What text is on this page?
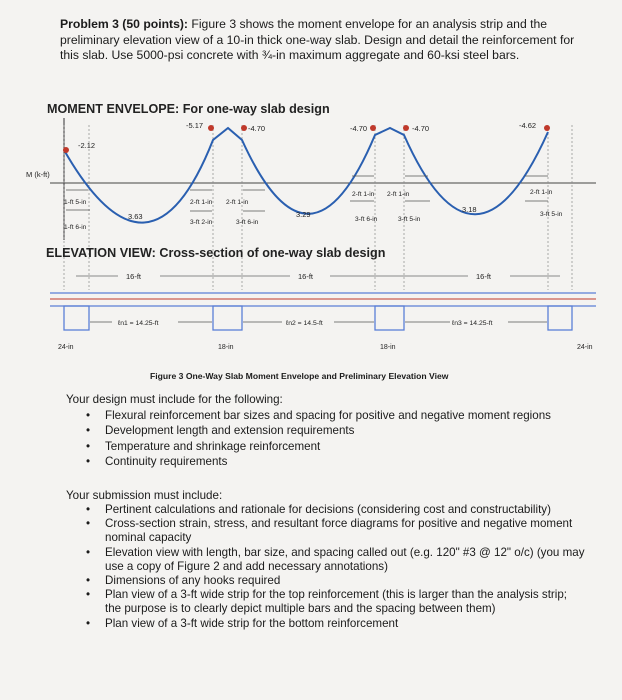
Problem 3 (50 points): Figure 3 shows the moment envelope for an analysis strip and the preliminary elevation view of a 10-in thick one-way slab. Design and detail the reinforcement for this slab. Use 5000-psi concrete with ¾-in maximum aggregate and 60-ksi steel bars.
MOMENT ENVELOPE: For one-way slab design
M (k-ft)
-2.12
-5.17	-4.70	-4.70	-4.70	-4.62
3.63	3.29
3.18
1-ft 5-in
1-ft 6-in
2-ft 1-in 2-ft 1-in
3-ft 2-in	3-ft 6-in
2-ft 1-in 2-ft 1-in
3-ft 6-in	3-ft 5-in
2-ft 1-in
3-ft 5-in
ELEVATION VIEW: Cross-section of one-way slab design
16-ft	16-ft	16-ft
ℓn1 = 14.25-ft	ℓn2 = 14.5-ft	ℓn3 = 14.25-ft
24-in	18-in	18-in	24-in
Figure 3 One-Way Slab Moment Envelope and Preliminary Elevation View
Your design must include for the following:
• Flexural reinforcement bar sizes and spacing for positive and negative moment regions
• Development length and extension requirements
• Temperature and shrinkage reinforcement
• Continuity requirements
Your submission must include:
• Pertinent calculations and rationale for decisions (considering cost and constructability)
• Cross-section strain, stress, and resultant force diagrams for positive and negative moment nominal capacity
• Elevation view with length, bar size, and spacing called out (e.g. 120" #3 @ 12" o/c) (you may use a copy of Figure 2 and add necessary annotations)
• Dimensions of any hooks required
• Plan view of a 3-ft wide strip for the top reinforcement (this is larger than the analysis strip; the purpose is to clearly depict multiple bars and the spacing between them)
• Plan view of a 3-ft wide strip for the bottom reinforcement
